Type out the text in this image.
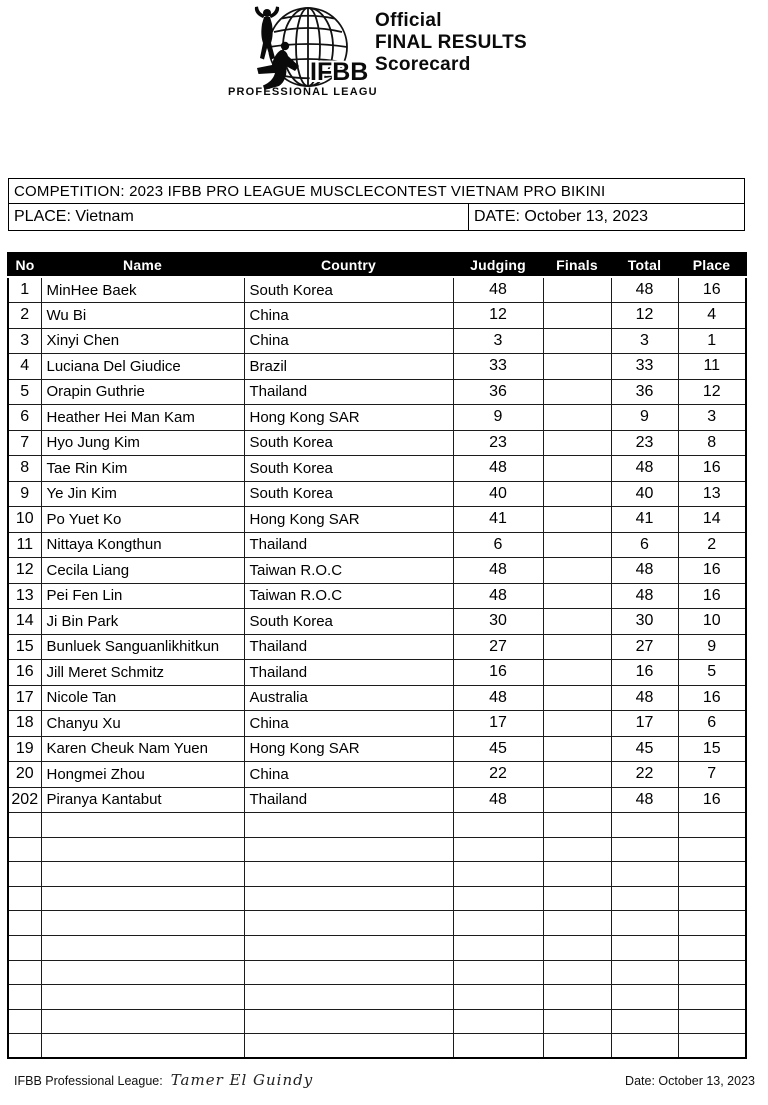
IFBB
PROFESSIONAL LEAGUE
Official
FINAL RESULTS
Scorecard
COMPETITION: 2023 IFBB PRO LEAGUE MUSCLECONTEST VIETNAM PRO BIKINI
PLACE: Vietnam	DATE: October 13, 2023
No	Name	Country	Judging	Finals	Total	Place
1	MinHee Baek	South Korea	48		48	16
2	Wu Bi	China	12		12	4
3	Xinyi Chen	China	3		3	1
4	Luciana Del Giudice	Brazil	33		33	11
5	Orapin Guthrie	Thailand	36		36	12
6	Heather Hei Man Kam	Hong Kong SAR	9		9	3
7	Hyo Jung Kim	South Korea	23		23	8
8	Tae Rin Kim	South Korea	48		48	16
9	Ye Jin Kim	South Korea	40		40	13
10	Po Yuet Ko	Hong Kong SAR	41		41	14
11	Nittaya Kongthun	Thailand	6		6	2
12	Cecila Liang	Taiwan R.O.C	48		48	16
13	Pei Fen Lin	Taiwan R.O.C	48		48	16
14	Ji Bin Park	South Korea	30		30	10
15	Bunluek Sanguanlikhitkun	Thailand	27		27	9
16	Jill Meret Schmitz	Thailand	16		16	5
17	Nicole Tan	Australia	48		48	16
18	Chanyu Xu	China	17		17	6
19	Karen Cheuk Nam Yuen	Hong Kong SAR	45		45	15
20	Hongmei Zhou	China	22		22	7
202	Piranya Kantabut	Thailand	48		48	16

IFBB Professional League: Tamer El Guindy	Date: October 13, 2023
